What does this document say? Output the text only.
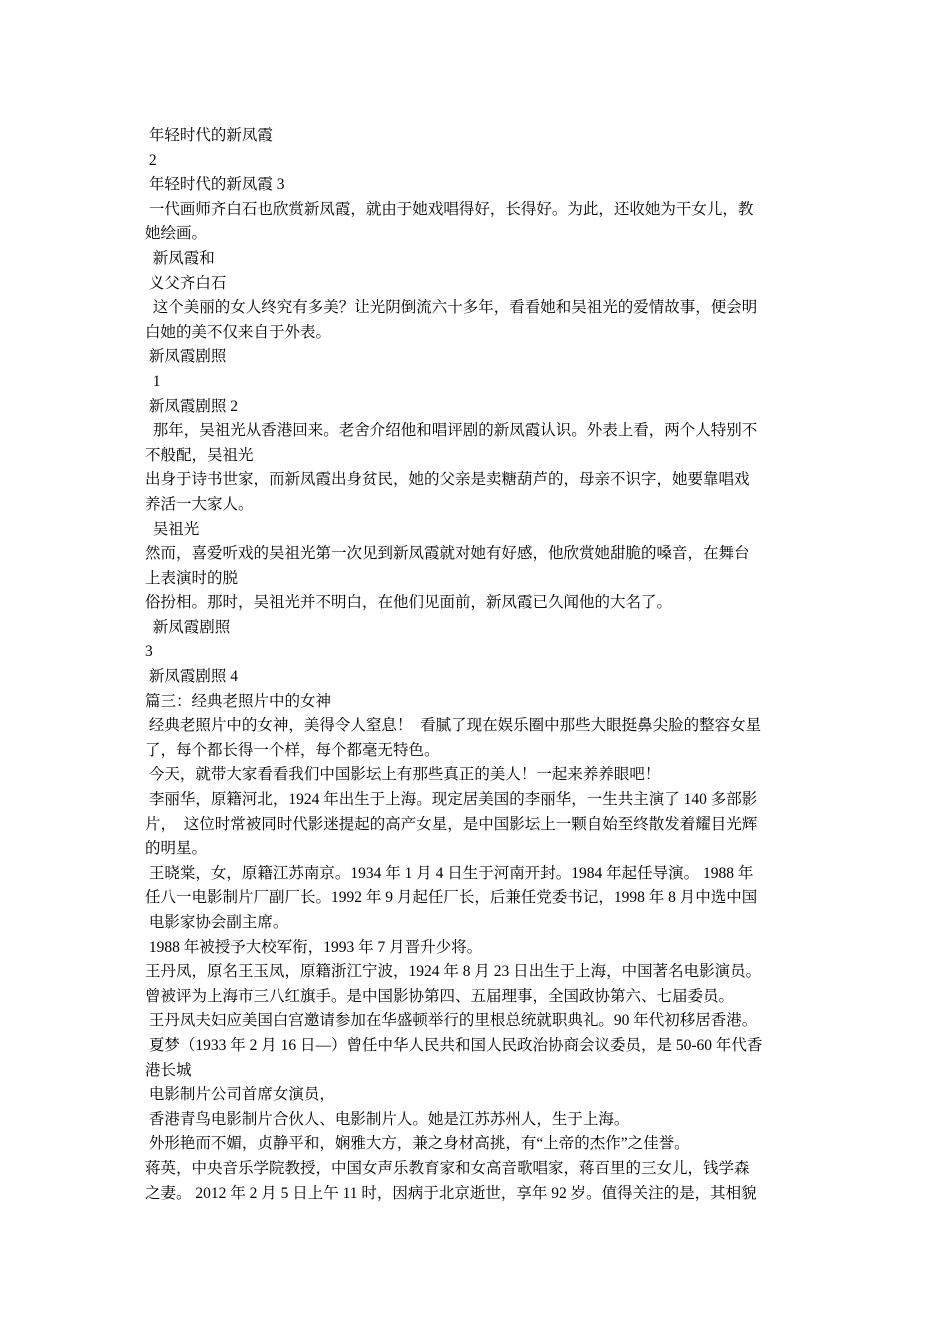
年轻时代的新凤霞
2
年轻时代的新凤霞 3
一代画师齐白石也欣赏新凤霞，就由于她戏唱得好，长得好。为此，还收她为干女儿，教
她绘画。
新凤霞和
义父齐白石
这个美丽的女人终究有多美？让光阴倒流六十多年，看看她和吴祖光的爱情故事，便会明
白她的美不仅来自于外表。
新凤霞剧照
1
新凤霞剧照 2
那年，吴祖光从香港回来。老舍介绍他和唱评剧的新凤霞认识。外表上看，两个人特别不
不般配，吴祖光
出身于诗书世家，而新凤霞出身贫民，她的父亲是卖糖葫芦的，母亲不识字，她要靠唱戏
养活一大家人。
吴祖光
然而，喜爱听戏的吴祖光第一次见到新凤霞就对她有好感，他欣赏她甜脆的嗓音，在舞台
上表演时的脱
俗扮相。那时，吴祖光并不明白，在他们见面前，新凤霞已久闻他的大名了。
新凤霞剧照
3
新凤霞剧照 4
篇三：经典老照片中的女神
经典老照片中的女神，美得令人窒息！  看腻了现在娱乐圈中那些大眼挺鼻尖脸的整容女星
了，每个都长得一个样，每个都毫无特色。
今天，就带大家看看我们中国影坛上有那些真正的美人！一起来养养眼吧！
李丽华，原籍河北，1924 年出生于上海。现定居美国的李丽华，一生共主演了 140 多部影
片，  这位时常被同时代影迷提起的高产女星，是中国影坛上一颗自始至终散发着耀目光辉
的明星。
王晓棠，女，原籍江苏南京。1934 年 1 月 4 日生于河南开封。1984 年起任导演。 1988 年
任八一电影制片厂副厂长。1992 年 9 月起任厂长，后兼任党委书记，1998 年 8 月中选中国
电影家协会副主席。
1988 年被授予大校军衔，1993 年 7 月晋升少将。
王丹凤，原名王玉凤，原籍浙江宁波，1924 年 8 月 23 日出生于上海，中国著名电影演员。
曾被评为上海市三八红旗手。是中国影协第四、五届理事，全国政协第六、七届委员。
王丹凤夫妇应美国白宫邀请参加在华盛顿举行的里根总统就职典礼。90 年代初移居香港。
夏梦（1933 年 2 月 16 日—）曾任中华人民共和国人民政治协商会议委员，是 50-60 年代香
港长城
电影制片公司首席女演员，
香港青鸟电影制片合伙人、电影制片人。她是江苏苏州人，生于上海。
外形艳而不媚，贞静平和，娴雅大方，兼之身材高挑，有“上帝的杰作”之佳誉。
蒋英，中央音乐学院教授，中国女声乐教育家和女高音歌唱家，蒋百里的三女儿，钱学森
之妻。 2012 年 2 月 5 日上午 11 时，因病于北京逝世，享年 92 岁。值得关注的是，其相貌
